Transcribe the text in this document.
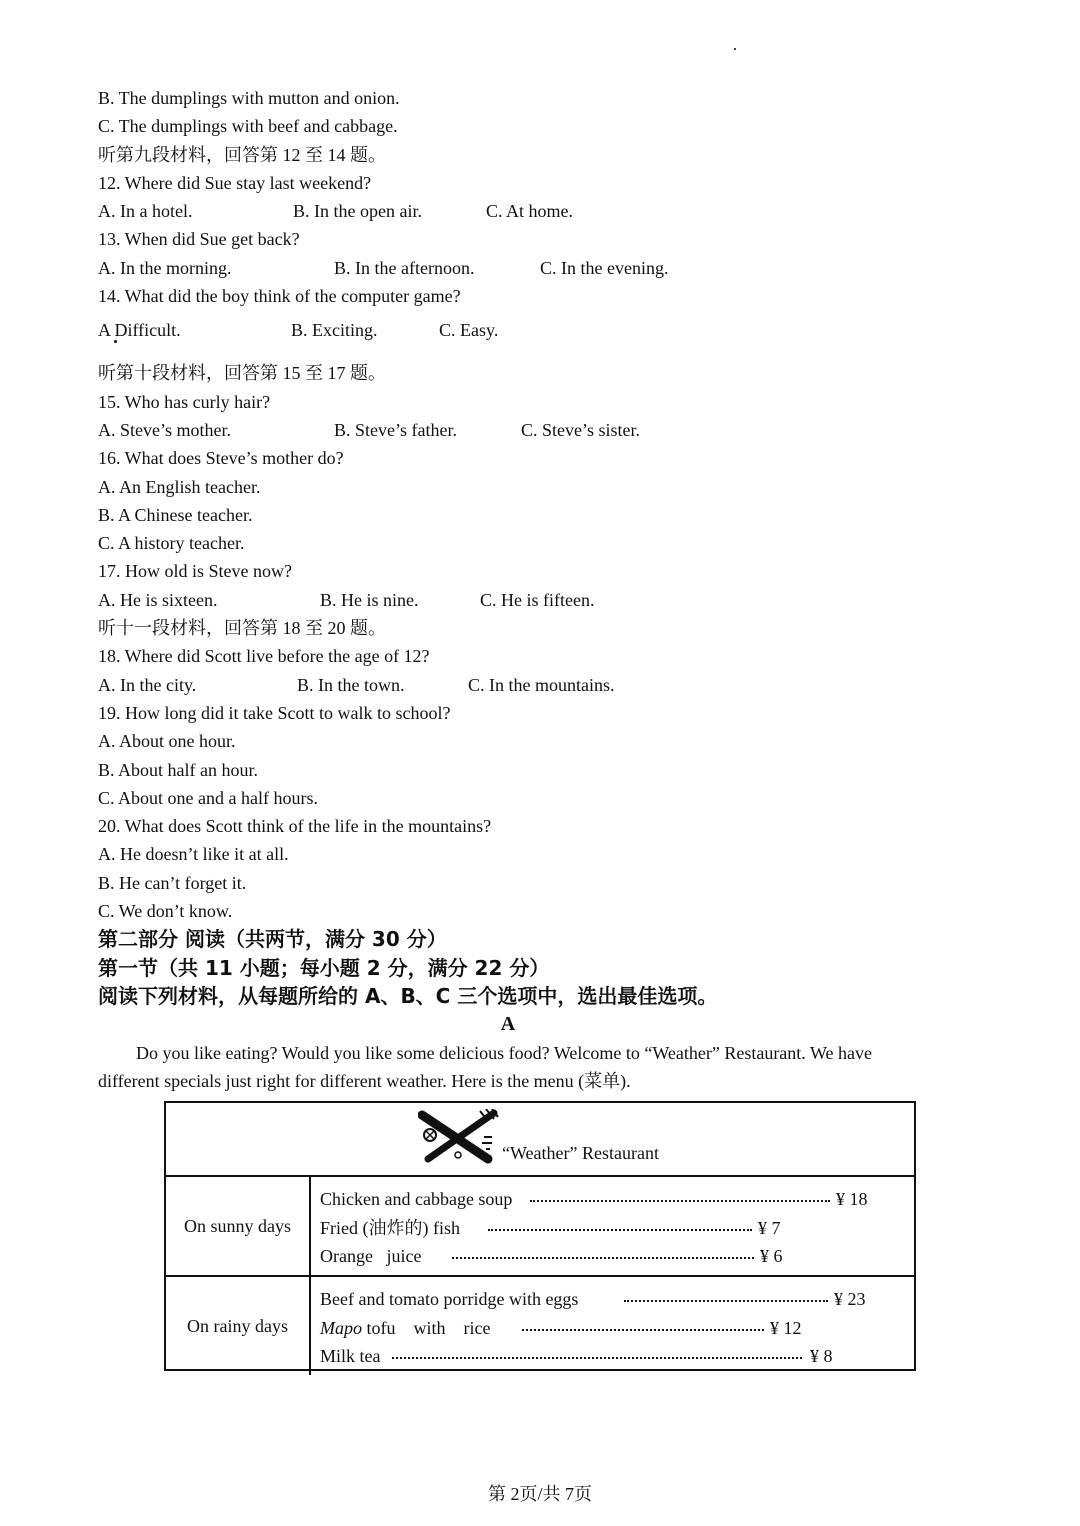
B. The dumplings with mutton and onion.
C. The dumplings with beef and cabbage.
听第九段材料，回答第 12 至 14 题。
12. Where did Sue stay last weekend?
A. In a hotel.	B. In the open air.	C. At home.
13. When did Sue get back?
A. In the morning.	B. In the afternoon.	C. In the evening.
14. What did the boy think of the computer game?
A Difficult.	B. Exciting.	C. Easy.
听第十段材料，回答第 15 至 17 题。
15. Who has curly hair?
A. Steve’s mother.	B. Steve’s father.	C. Steve’s sister.
16. What does Steve’s mother do?
A. An English teacher.
B. A Chinese teacher.
C. A history teacher.
17. How old is Steve now?
A. He is sixteen.	B. He is nine.	C. He is fifteen.
听十一段材料，回答第 18 至 20 题。
18. Where did Scott live before the age of 12?
A. In the city.	B. In the town.	C. In the mountains.
19. How long did it take Scott to walk to school?
A. About one hour.
B. About half an hour.
C. About one and a half hours.
20. What does Scott think of the life in the mountains?
A. He doesn’t like it at all.
B. He can’t forget it.
C. We don’t know.
第二部分 阅读（共两节，满分 30 分）
第一节（共 11 小题；每小题 2 分，满分 22 分）
阅读下列材料，从每题所给的 A、B、C 三个选项中，选出最佳选项。
A
Do you like eating? Would you like some delicious food? Welcome to “Weather” Restaurant. We have different specials just right for different weather. Here is the menu (菜单).
“Weather” Restaurant
On sunny days
Chicken and cabbage soup	¥ 18
Fried (油炸的) fish	¥ 7
Orange   juice	¥ 6
On rainy days
Beef and tomato porridge with eggs	¥ 23
Mapo tofu    with    rice	¥ 12
Milk tea	¥ 8
第 2页/共 7页
